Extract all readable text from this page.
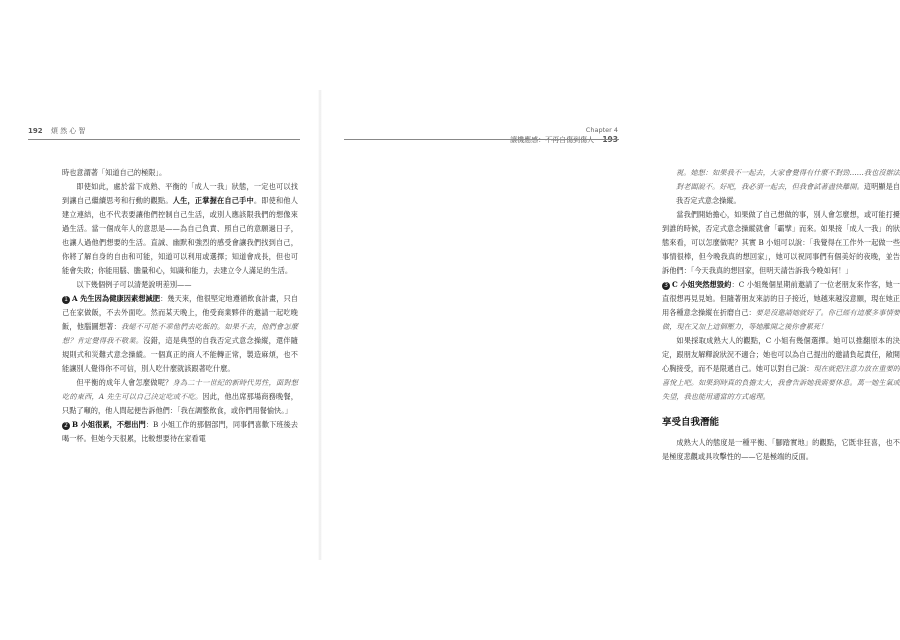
192 煩 然 心 智

時也意謂著「知道自己的極限」。

即使如此，處於當下成熟、平衡的「成人一我」狀態，一定也可以找到讓自己繼續思考和行動的觀點。人生，正掌握在自己手中。即使和他人建立連結，也不代表要讓他們控制自己生活，或別人應該限我們的想像來過生活。當一個成年人的意思是——為自己負責、照自己的意願過日子，也讓人過他們想要的生活。直誠、幽默和強烈的感受會讓我們找到自己，你將了解自身的自由和可能，知道可以利用或選擇；知道會成長，但也可能會失敗；你能用腦、膽量和心，知識和能力，去建立令人滿足的生活。

以下幾個例子可以清楚說明差別——

1 A 先生因為健康因素想減肥：幾天來，他很堅定地遵循飲食計畫，只自己在家做飯，不去外面吃。然而某天晚上，他受商業夥伴的邀請一起吃晚飯，他腦圖想著：我絕不可能不乖他們去吃飯的。如果不去，他們會怎麼想？肯定覺得我不敬業。沒錯，這是典型的自我否定式意念操縱，還伴隨規則式和災難式意念操縱。一個真正的商人不能轉正常，製造麻煩，也不能讓別人覺得你不可信，別人吃什麼就該跟著吃什麼。

但平衡的成年人會怎麼做呢？身為二十一世紀的新時代男性，面對想吃的東西，A 先生可以自己決定吃或不吃。因此，他出席那場商務晚餐，只點了噸的，他人問起便告訴他們：「我在調整飲食，或你們用餐愉快。」

2 B 小姐很累，不想出門：B 小姐工作的那個部門，同事們喜歡下班後去喝一杯。但她今天很累，比較想要待在家看電

Chapter 4
讓機應感：不再自傷到傷人 193

視。她想：如果我不一起去，大家會覺得有什麼不對勁……我也沒辦法對老闆說不。好吧，我必須一起去，但我會試著盡快離開。這明顯是自我否定式意念操縱。

當我們開始擔心，如果做了自己想做的事，別人會怎麼想，或可能打擾到誰的時候，否定式意念操縱就會「霸擘」而來。如果接「成人一我」的狀態來看，可以怎麼做呢？其實 B 小姐可以說：「我覺得在工作外一起做一些事情很棒，但今晚我真的想回家」，她可以祝同事們有個美好的夜晚，並告訴他們：「今天我真的想回家，但明天請告訴我今晚如何！」

3 C 小姐突然想毀約：C 小姐幾個星期前邀請了一位老朋友來作客，她一直很想再見見她。但隨著朋友來訪的日子接近，她越來越沒意願，現在她正用各種意念操縱在折磨自己：要是沒邀請她就好了。你已經有這麼多事情要做，現在又加上這個壓力，等她離開之後你會累死！

如果採取成熟大人的觀點，C 小姐有幾個選擇。她可以推翻原本的決定，跟朋友解釋說狀況不適合；她也可以為自己提出的邀請負起責任，敞開心胸接受，而不是限遞自己。她可以對自己說：現在就把注意力放在重要的喜悅上吧。如果到時真的負擔太大，我會告訴她我需要休息。萬一她生氣或失望，我也能用適當的方式處理。

享受自我潛能

成熟大人的態度是一種平衡、「腳踏實地」的觀點，它既非狂喜，也不是極度悲觀或具攻擊性的——它是極端的反面。
